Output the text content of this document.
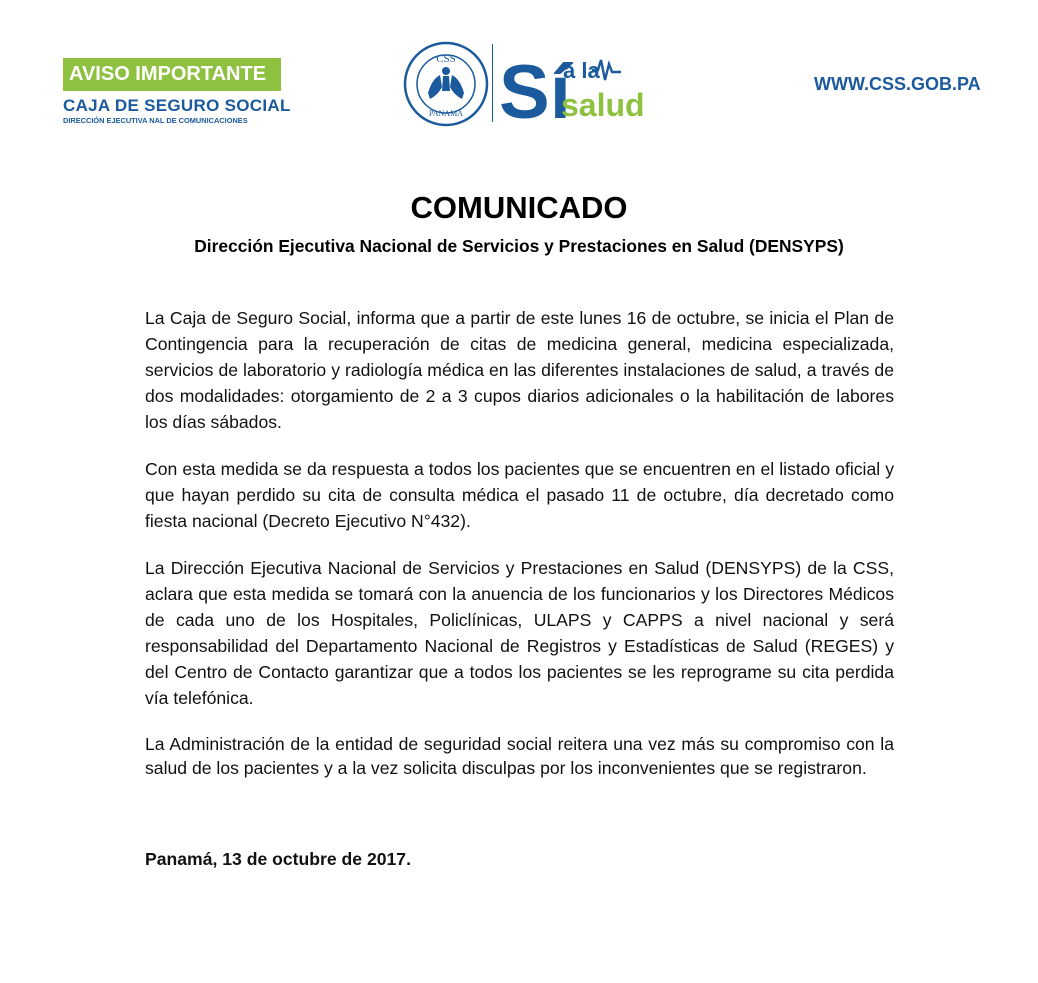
AVISO IMPORTANTE
CAJA DE SEGURO SOCIAL
DIRECCIÓN EJECUTIVA NAL DE COMUNICACIONES
CSS
PANAMÁ Sí
a la
salud
WWW.CSS.GOB.PA
COMUNICADO
Dirección Ejecutiva Nacional de Servicios y Prestaciones en Salud (DENSYPS)

La Caja de Seguro Social, informa que a partir de este lunes 16 de octubre, se inicia el Plan de Contingencia para la recuperación de citas de medicina general, medicina especializada, servicios de laboratorio y radiología médica en las diferentes instalaciones de salud, a través de dos modalidades: otorgamiento de 2 a 3 cupos diarios adicionales o la habilitación de labores los días sábados.

Con esta medida se da respuesta a todos los pacientes que se encuentren en el listado oficial y que hayan perdido su cita de consulta médica el pasado 11 de octubre, día decretado como fiesta nacional (Decreto Ejecutivo N°432).

La Dirección Ejecutiva Nacional de Servicios y Prestaciones en Salud (DENSYPS) de la CSS, aclara que esta medida se tomará con la anuencia de los funcionarios y los Directores Médicos de cada uno de los Hospitales, Policlínicas, ULAPS y CAPPS a nivel nacional y será responsabilidad del Departamento Nacional de Registros y Estadísticas de Salud (REGES) y del Centro de Contacto garantizar que a todos los pacientes se les reprograme su cita perdida vía telefónica.

La Administración de la entidad de seguridad social reitera una vez más su compromiso con la salud de los pacientes y a la vez solicita disculpas por los inconvenientes que se registraron.

Panamá, 13 de octubre de 2017.
